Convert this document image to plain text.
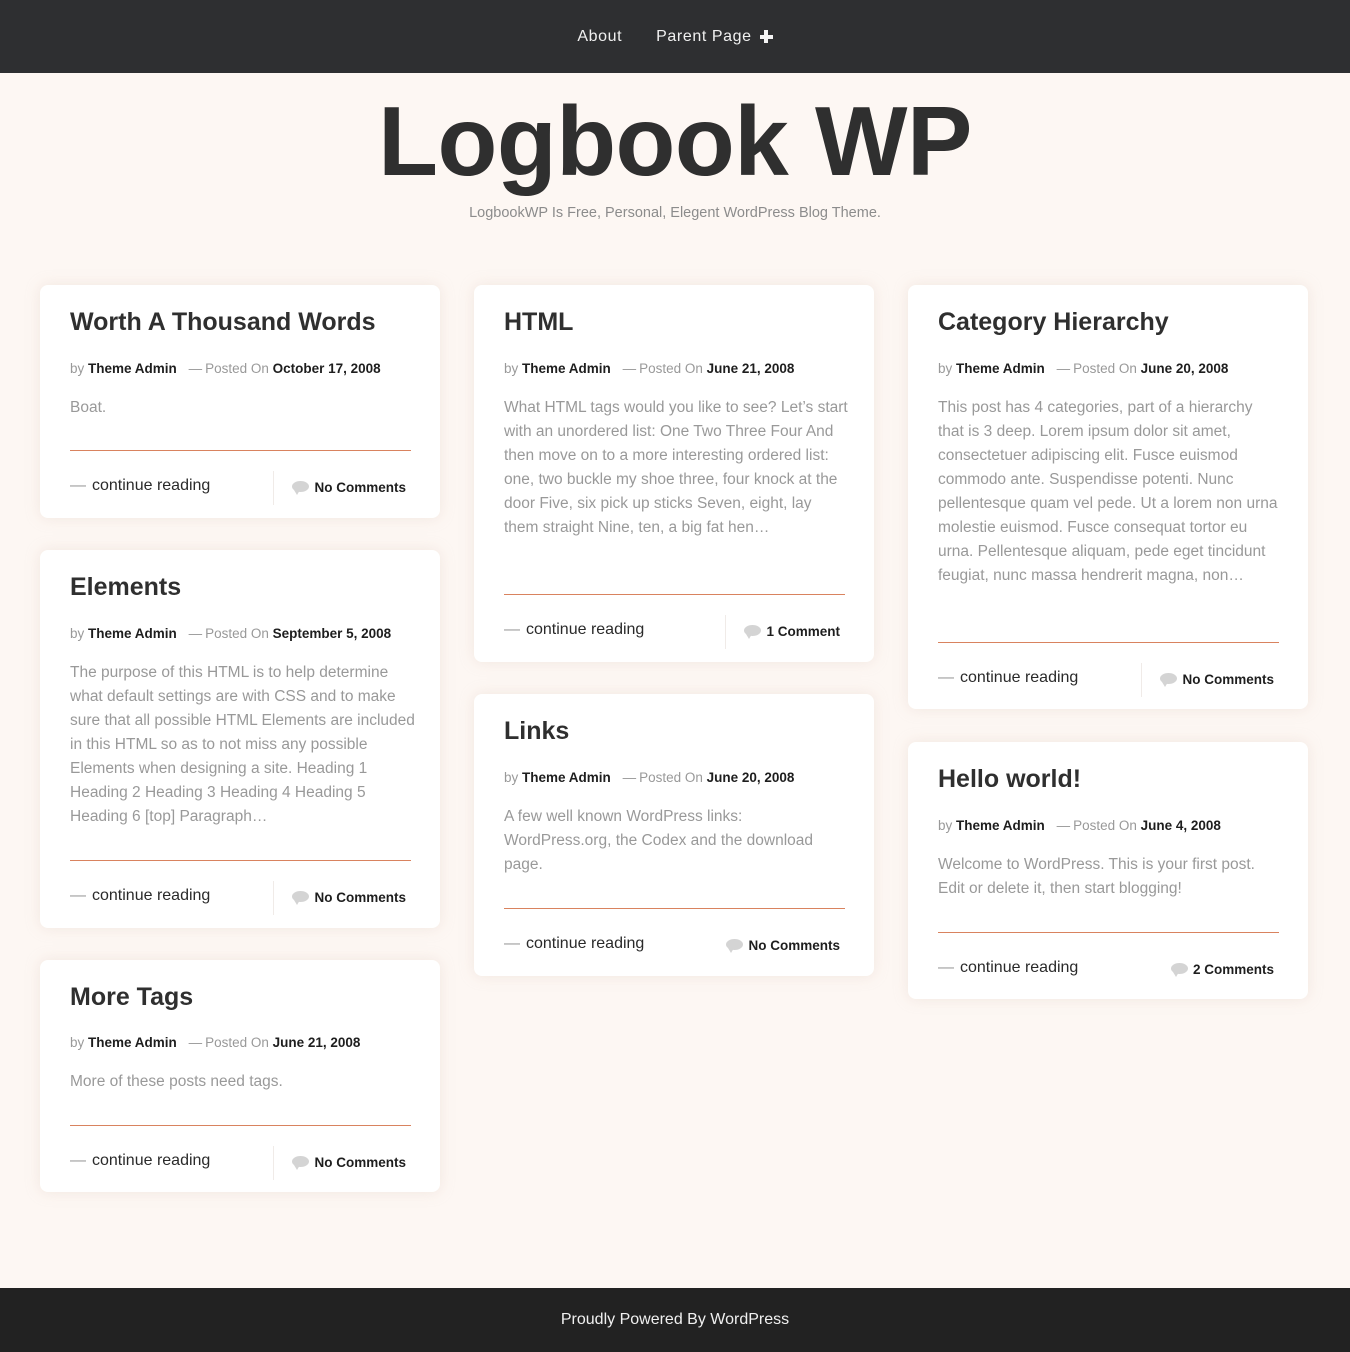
About Parent Page
Logbook WP

LogbookWP Is Free, Personal, Elegent WordPress Blog Theme.

Worth A Thousand Words
by Theme Admin — Posted On October 17, 2008

Boat.

— continue reading	No Comments
Elements
by Theme Admin — Posted On September 5, 2008

The purpose of this HTML is to help determine what default settings are with CSS and to make sure that all possible HTML Elements are included in this HTML so as to not miss any possible Elements when designing a site. Heading 1 Heading 2 Heading 3 Heading 4 Heading 5 Heading 6 [top] Paragraph…

— continue reading	No Comments
More Tags
by Theme Admin — Posted On June 21, 2008

More of these posts need tags.

— continue reading	No Comments
HTML
by Theme Admin — Posted On June 21, 2008

What HTML tags would you like to see? Let’s start with an unordered list: One Two Three Four And then move on to a more interesting ordered list: one, two buckle my shoe three, four knock at the door Five, six pick up sticks Seven, eight, lay them straight Nine, ten, a big fat hen…

— continue reading	1 Comment
Links
by Theme Admin — Posted On June 20, 2008

A few well known WordPress links: WordPress.org, the Codex and the download page.

— continue reading	No Comments
Category Hierarchy
by Theme Admin — Posted On June 20, 2008

This post has 4 categories, part of a hierarchy that is 3 deep. Lorem ipsum dolor sit amet, consectetuer adipiscing elit. Fusce euismod commodo ante. Suspendisse potenti. Nunc pellentesque quam vel pede. Ut a lorem non urna molestie euismod. Fusce consequat tortor eu urna. Pellentesque aliquam, pede eget tincidunt feugiat, nunc massa hendrerit magna, non…

— continue reading	No Comments
Hello world!
by Theme Admin — Posted On June 4, 2008

Welcome to WordPress. This is your first post. Edit or delete it, then start blogging!

— continue reading	2 Comments
Proudly Powered By WordPress
